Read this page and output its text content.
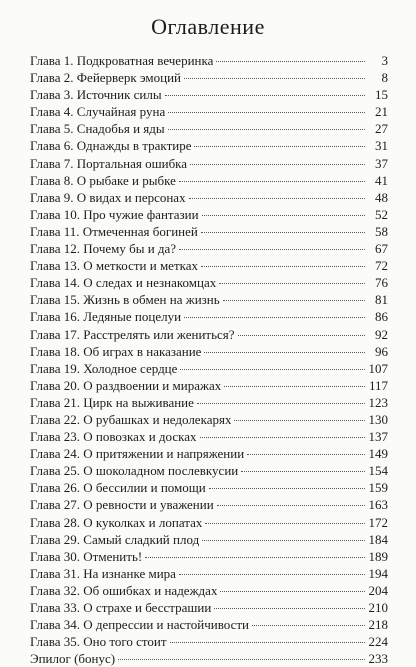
Оглавление
Глава 1. Подкроватная вечеринка	3
Глава 2. Фейерверк эмоций	8
Глава 3. Источник силы	15
Глава 4. Случайная руна	21
Глава 5. Снадобья и яды	27
Глава 6. Однажды в трактире	31
Глава 7. Портальная ошибка	37
Глава 8. О рыбаке и рыбке	41
Глава 9. О видах и персонах	48
Глава 10. Про чужие фантазии	52
Глава 11. Отмеченная богиней	58
Глава 12. Почему бы и да?	67
Глава 13. О меткости и метках	72
Глава 14. О следах и незнакомцах	76
Глава 15. Жизнь в обмен на жизнь	81
Глава 16. Ледяные поцелуи	86
Глава 17. Расстрелять или жениться?	92
Глава 18. Об играх в наказание	96
Глава 19. Холодное сердце	107
Глава 20. О раздвоении и миражах	117
Глава 21. Цирк на выживание	123
Глава 22. О рубашках и недолекарях	130
Глава 23. О повозках и досках	137
Глава 24. О притяжении и напряжении	149
Глава 25. О шоколадном послевкусии	154
Глава 26. О бессилии и помощи	159
Глава 27. О ревности и уважении	163
Глава 28. О куколках и лопатах	172
Глава 29. Самый сладкий плод	184
Глава 30. Отменить!	189
Глава 31. На изнанке мира	194
Глава 32. Об ошибках и надеждах	204
Глава 33. О страхе и бесстрашии	210
Глава 34. О депрессии и настойчивости	218
Глава 35. Оно того стоит	224
Эпилог (бонус)	233
